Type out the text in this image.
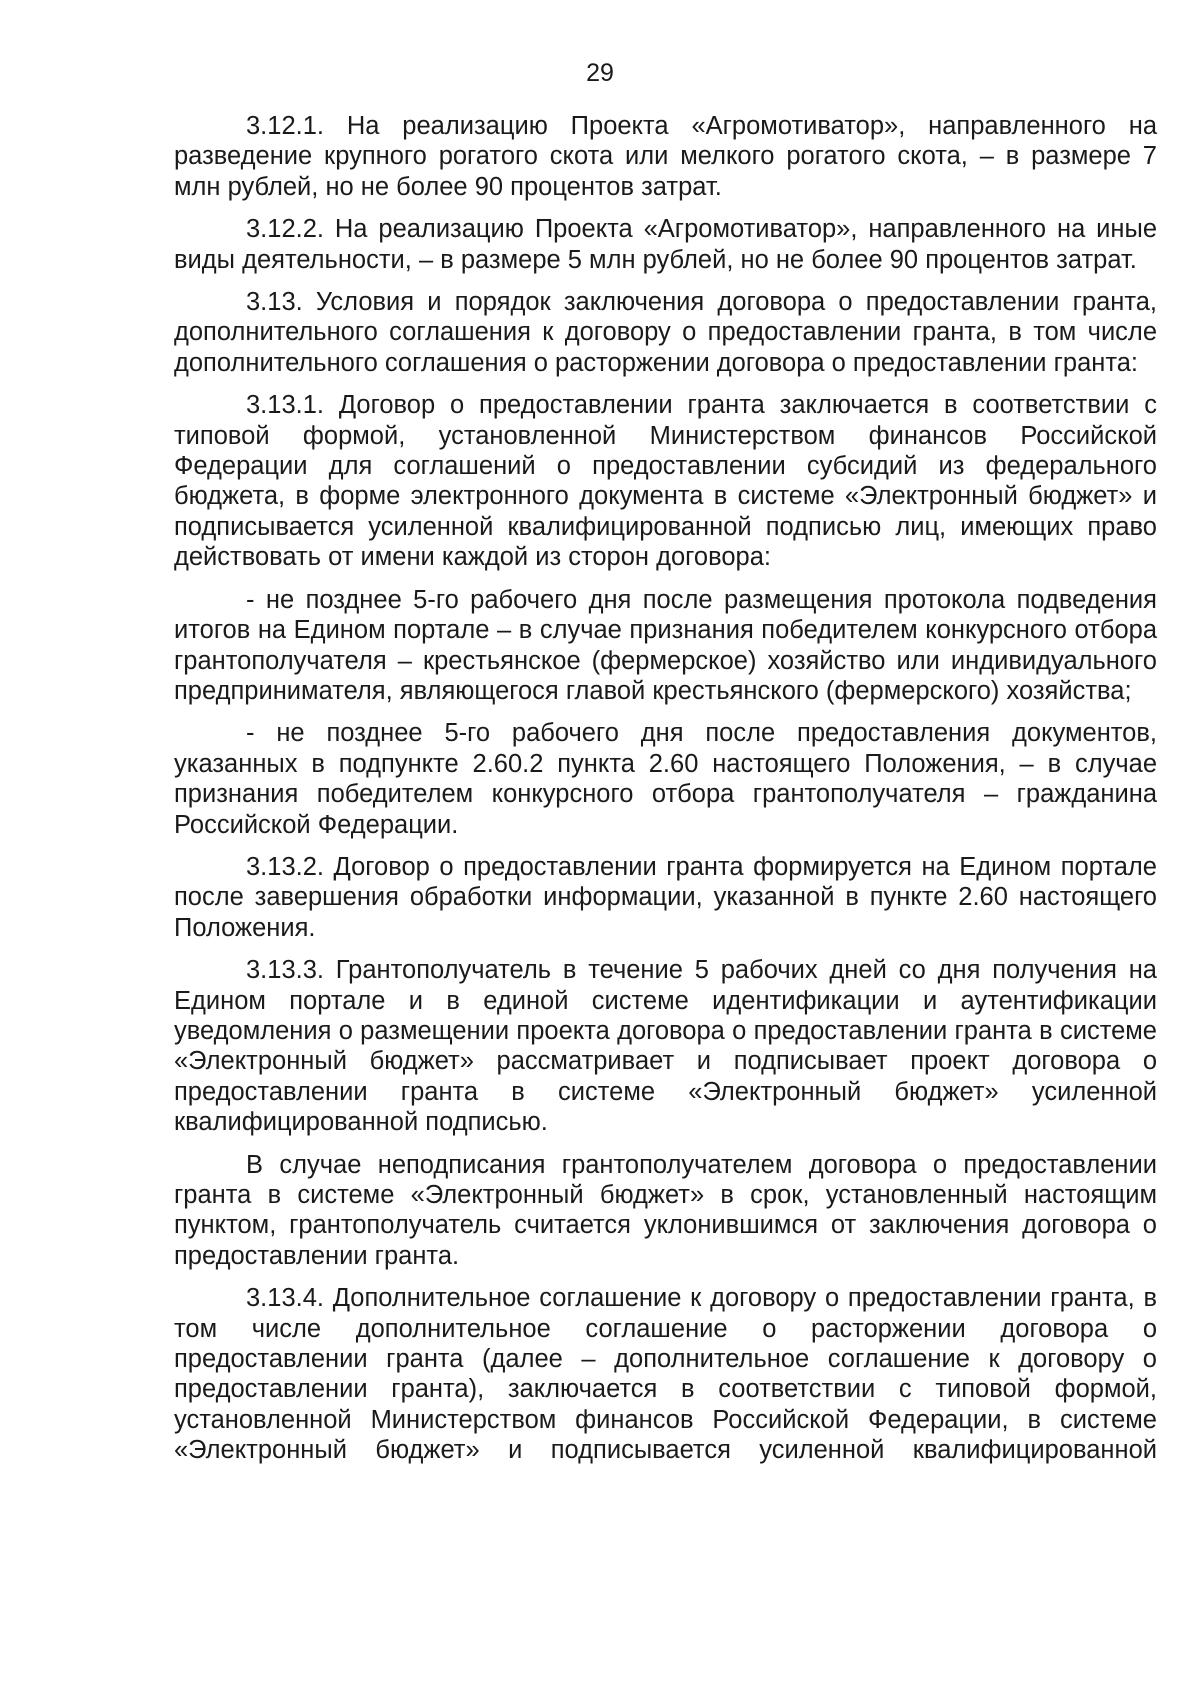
29

3.12.1. На реализацию Проекта «Агромотиватор», направленного на разведение крупного рогатого скота или мелкого рогатого скота, – в размере 7 млн рублей, но не более 90 процентов затрат.

3.12.2. На реализацию Проекта «Агромотиватор», направленного на иные виды деятельности, – в размере 5 млн рублей, но не более 90 процентов затрат.

3.13. Условия и порядок заключения договора о предоставлении гранта, дополнительного соглашения к договору о предоставлении гранта, в том числе дополнительного соглашения о расторжении договора о предоставлении гранта:

3.13.1. Договор о предоставлении гранта заключается в соответствии с типовой формой, установленной Министерством финансов Российской Федерации для соглашений о предоставлении субсидий из федерального бюджета, в форме электронного документа в системе «Электронный бюджет» и подписывается усиленной квалифицированной подписью лиц, имеющих право действовать от имени каждой из сторон договора:

- не позднее 5-го рабочего дня после размещения протокола подведения итогов на Едином портале – в случае признания победителем конкурсного отбора грантополучателя – крестьянское (фермерское) хозяйство или индивидуального предпринимателя, являющегося главой крестьянского (фермерского) хозяйства;

- не позднее 5-го рабочего дня после предоставления документов, указанных в подпункте 2.60.2 пункта 2.60 настоящего Положения, – в случае признания победителем конкурсного отбора грантополучателя – гражданина Российской Федерации.

3.13.2. Договор о предоставлении гранта формируется на Едином портале после завершения обработки информации, указанной в пункте 2.60 настоящего Положения.

3.13.3. Грантополучатель в течение 5 рабочих дней со дня получения на Едином портале и в единой системе идентификации и аутентификации уведомления о размещении проекта договора о предоставлении гранта в системе «Электронный бюджет» рассматривает и подписывает проект договора о предоставлении гранта в системе «Электронный бюджет» усиленной квалифицированной подписью.

В случае неподписания грантополучателем договора о предоставлении гранта в системе «Электронный бюджет» в срок, установленный настоящим пунктом, грантополучатель считается уклонившимся от заключения договора о предоставлении гранта.

3.13.4. Дополнительное соглашение к договору о предоставлении гранта, в том числе дополнительное соглашение о расторжении договора о предоставлении гранта (далее – дополнительное соглашение к договору о предоставлении гранта), заключается в соответствии с типовой формой, установленной Министерством финансов Российской Федерации, в системе «Электронный бюджет» и подписывается усиленной квалифицированной
